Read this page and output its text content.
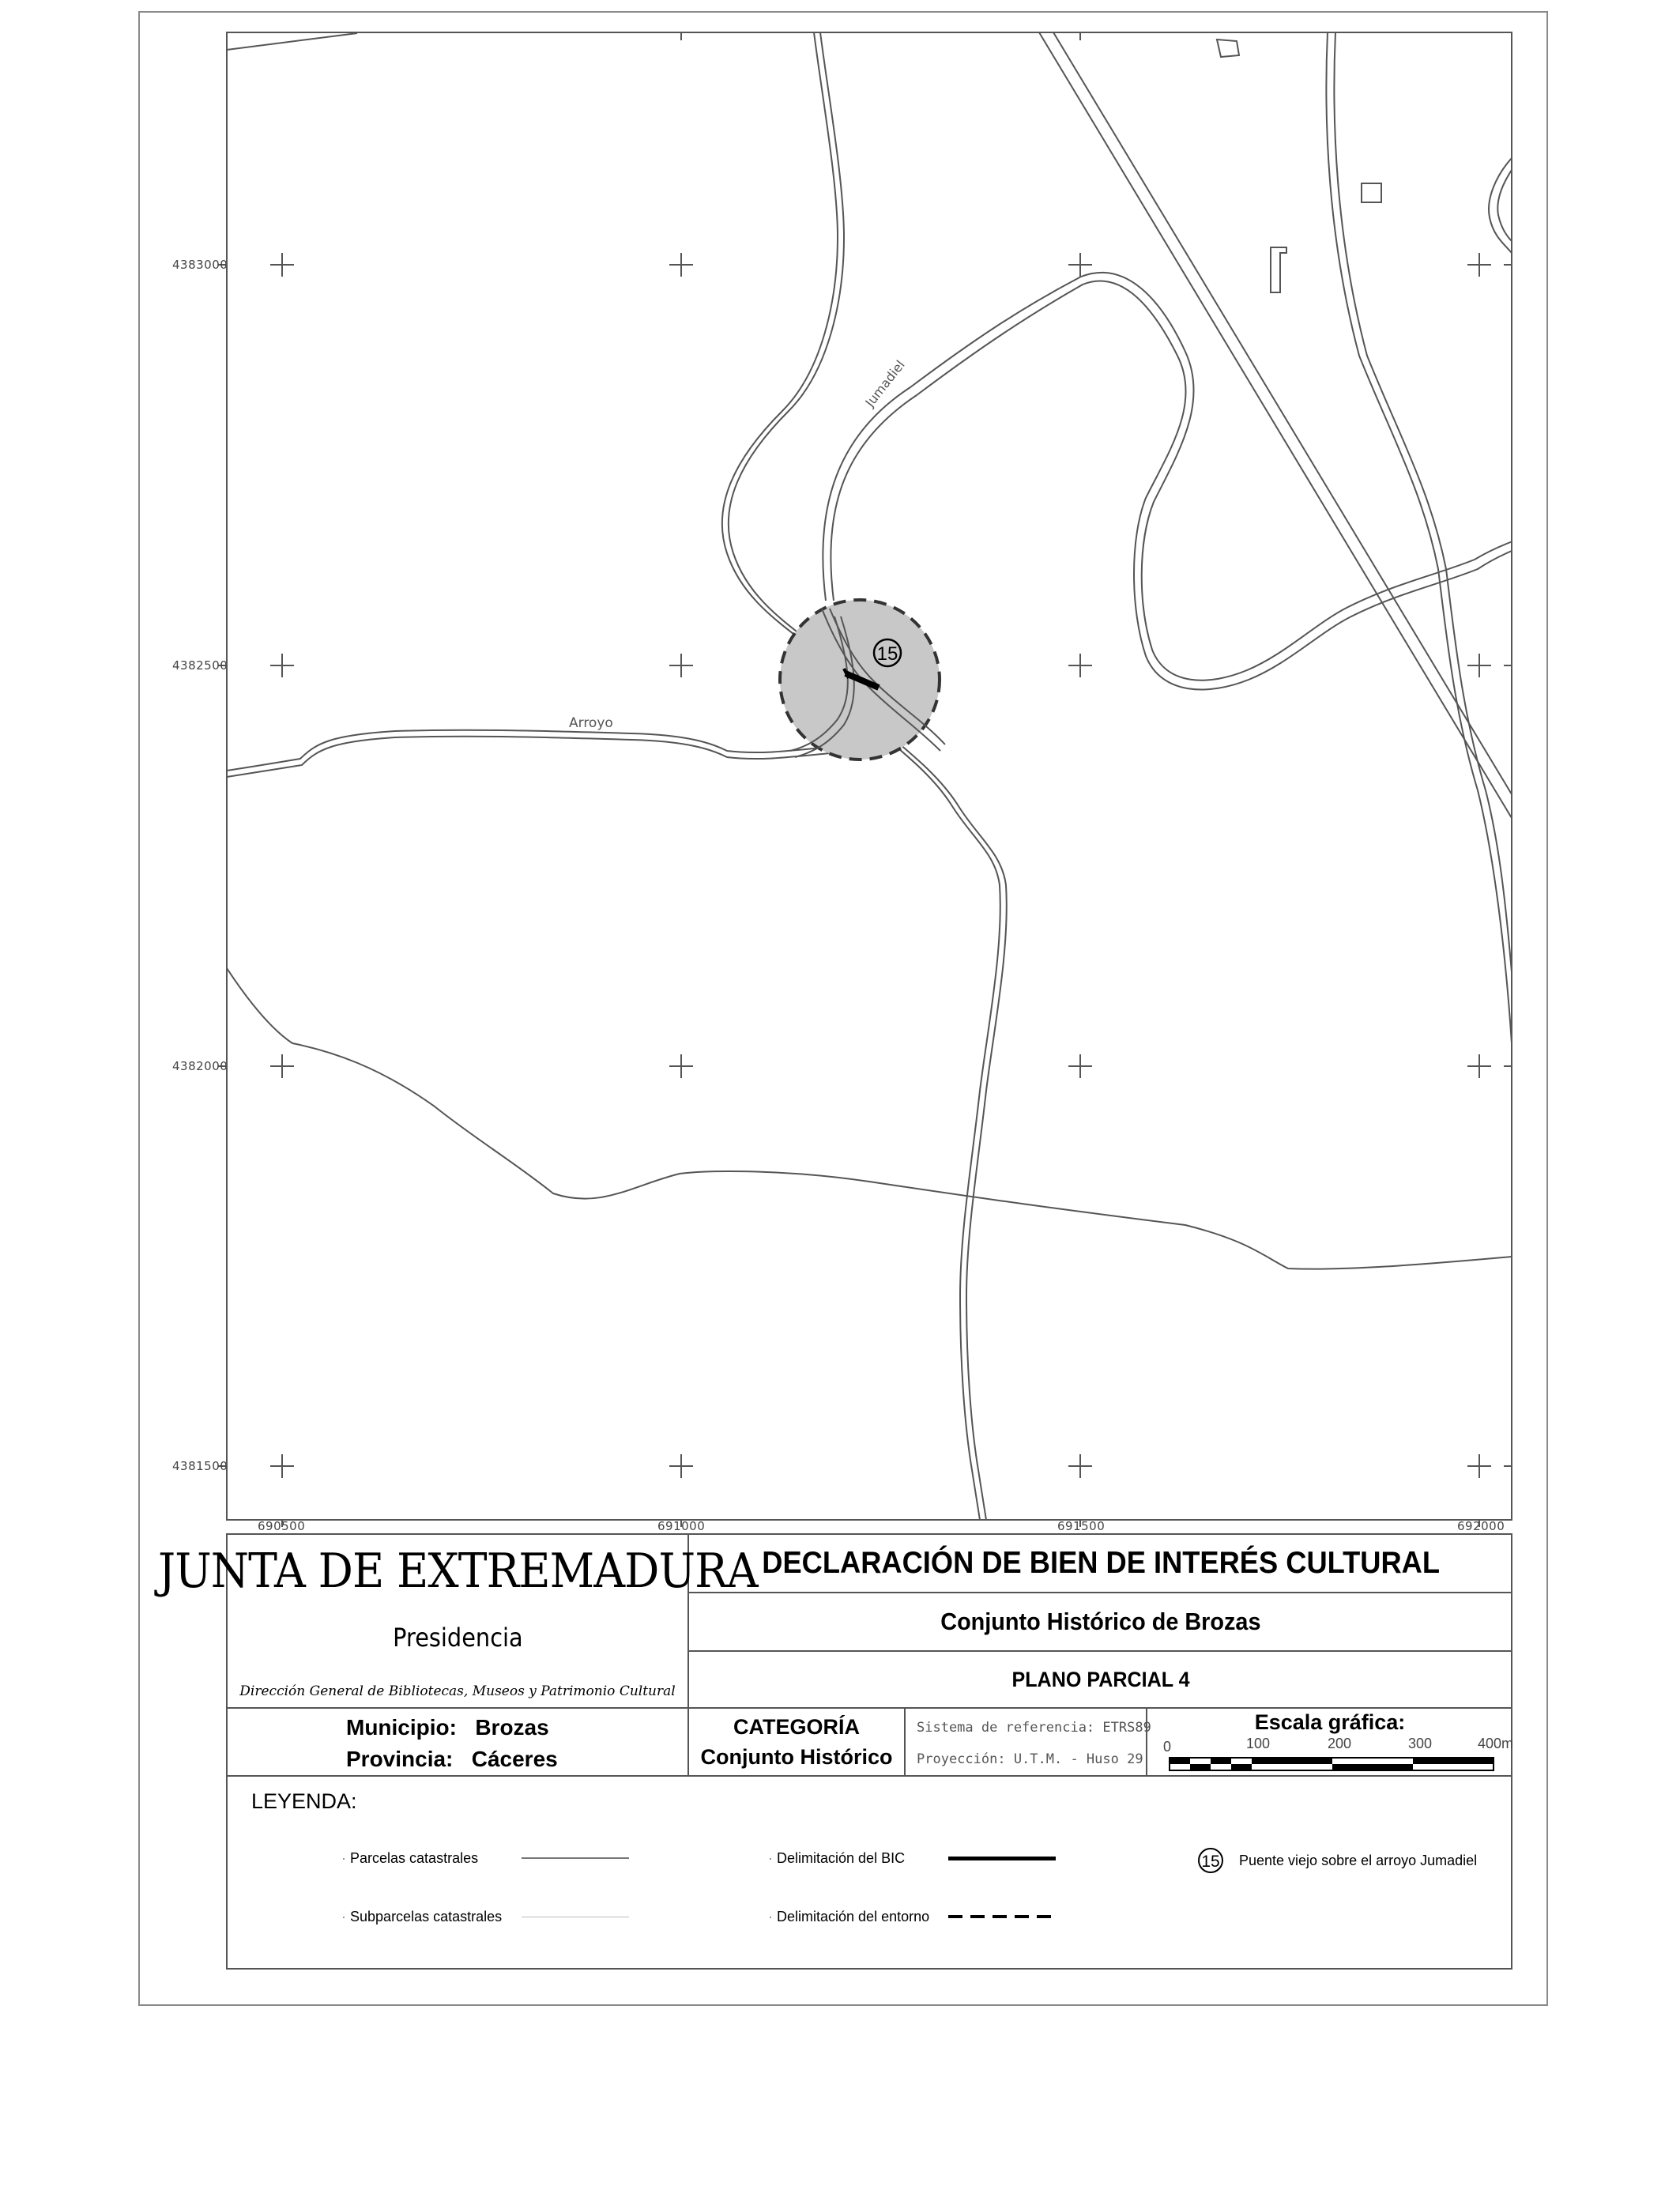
15
Jumadiel
Arroyo
4383000
4382500
4382000
4381500
690500	691000	691500	692000
JUNTA DE EXTREMADURA
Presidencia
Dirección General de Bibliotecas, Museos y Patrimonio Cultural
DECLARACIÓN DE BIEN DE INTERÉS CULTURAL
Conjunto Histórico de Brozas
PLANO PARCIAL 4
Municipio: Brozas
Provincia: Cáceres
CATEGORÍA
Conjunto Histórico
Sistema de referencia: ETRS89
Proyección: U.T.M. - Huso 29
Escala gráfica:
0	100	200	300	400m
LEYENDA:
· Parcelas catastrales
· Subparcelas catastrales
· Delimitación del BIC
· Delimitación del entorno
15 Puente viejo sobre el arroyo Jumadiel
